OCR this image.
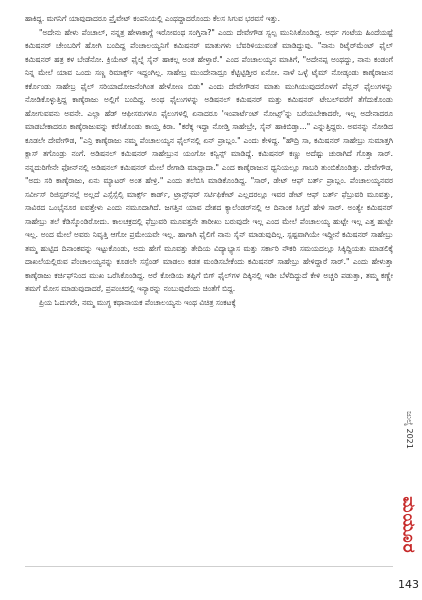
ಹಾಕಿದ್ದ. ಮಗನಿಗೆ ಯಾವುದಾದರೂ ಪ್ರೈವೇಟ್ ಕಂಪನಿಯಲ್ಲಿ ಎಂಥದ್ದಾದರೊಂದು ಕೆಲಸ ಸಿಗುವ ಭರವಸೆ ಇತ್ತು.

"ಅದೇನು ಹೇಳು ಪೆಂಚಾಲ್, ನನ್ನತ್ರ ಹೇಳಾಕಾಗ್ದೆ ಇರೋವಂಥ ಸಂಗ್ತಿನಾ?" ಎಂದು ದೇವೇಗೌಡ ಸ್ವಲ್ಪ ಮುನಿಸಿಕೊಂಡಿದ್ದ. ಅರ್ಧ ಗಂಟೆಯ ಹಿಂದೆಯಷ್ಟೆ ಕಮಿಷನರ್ ಚೇಂಬರಿಗೆ ಹೋಗಿ ಬಂದಿದ್ದ ಪೆಂಚಾಲಯ್ಯನಿಗೆ ಕಮಿಷನರ್ ಮಾತುಗಳು ಬೆವರಿಳಿಯುವಂತೆ ಮಾಡಿದ್ದುವು. "ನಾನು ರಿಟೈರ್‌ಮೆಂಟ್ ಫೈಲ್ ಕಮಿಷನರ್ ಹತ್ರ ಕಳ ಬೇಡೆನೋ. ಕ್ರಿಯೇಟ್ ಫೈಲ್ನೆ ಸೈನ್ ಹಾಕಲ್ಲ ಅಂತ ಹೇಳ್ತಾರೆ." ಎಂದ ಪೆಂಚಾಲಯ್ಯನ ಮಾತಿಗೆ, "ಅದೇನಪ್ಪ ಅಂಥದ್ದು, ನಾನು ಕಂಡಂಗೆ ನಿನ್ನ ಮೇಲೆ ಯಾವ ಒಂದು ಸಣ್ಣ ರಿಮಾರ್ಕ್ಸ್ ಇದ್ದಂಗಿಲ್ಲ. ಸಾಹೇಬ್ರ ಮುಂದೇನಾದ್ರೂ ಕೆಟ್ಟಿಟ್ಟಿಡ್ತೀರ ಏನೋ. ನಾಳೆ ಒಳ್ಳೆ ಟೈಮ್ ನೋಡ್ಕಂಡು ಕಾಣ್ಕೆರಾಜುನ ಕರ್ಕೊಂಡು ಸಾಹೇಬ್ರ ಫೈಲ್ ಸರಿಯಾದೋಜನೆಂಗಿಂತ ಹೇಳೋಣ ಬಿಡು" ಎಂದು ದೇವೇಗೌಡನ ಮಾತು ಮುಗಿಯುವುದರೊಳಗೆ ಪೆನ್ಷನ್ ಫೈಲುಗಳನ್ನು ನೋಡಿಕೊಳ್ಳುತ್ತಿದ್ದ ಕಾಣ್ಕೆರಾಜು ಅಲ್ಲಿಗೆ ಬಂದಿದ್ದ. ಅಂಥ ಫೈಲುಗಳನ್ನು ಅಡಿಷನಲ್ ಕಮಿಷನರ್ ಮತ್ತು ಕಮಿಷನರ್ ಟೇಬಲ್‌ವರೆಗೆ ತೆಗೆದುಕೊಂಡು ಹೋಗುವವನು ಅವನೇ. ಎಲ್ಲಾ ಹೆಡ್ ಆಫೀಸರುಗಳೂ ಫೈಲುಗಳಲ್ಲಿ ಏನಾದರೂ 'ಇಂಪಾರ್ಟೆಂಟ್ ನೋಟ್ಸ್'ನ್ನು ಬರೆಯಬೇಕಾದರೇ, ಇಲ್ಲ ಅದೇನಾದರೂ ಮಾಡಬೇಕಾದರೂ ಕಾಣ್ಕೆರಾಜುವನ್ನು ಕರೆಸಿಕೊಂಡು ಕಾಯ್ತ ಕಿರಾ. "ಕರೆಕ್ಕ ಇದ್ದಾ ನೋಡ್ತಿ ಸಾಹೇಬ್ರೇ, ಸೈನ್ ಹಾಕಿಬಿಡ್ತಾ..." ಎನ್ನುತ್ತಿದ್ದರು. ಅವನನ್ನು ನೋಡಿದ ಕೂಡಲೇ ದೇವೇಗೌಡ, "ಎನ್ರಿ ಕಾಣ್ಕೆರಾಜು ನಮ್ಮ ಪೆಂಚಾಲಯ್ಯನ ಫೈಲ್‌ನಲ್ಲಿ ಏನ್ ಪ್ರಾಬ್ಲಂ." ಎಂದು ಕೇಳಿದ್ದ. "ಹೌದ್ರಿ ಸಾ, ಕಮಿಷನರ್ ಸಾಹೇಬ್ರು ಸುಮಾತ್ತಗಿ ಕ್ಲಾಸ್ ತಗೊಂಡ್ರು ನಂಗೆ. ಅಡಿಷನಲ್ ಕಮಿಷನರ್ ಸಾಹೇಬ್ರುನ ಯಂಗೋ ಕನ್ವಿನ್ಸ್ ಮಾಡಿದ್ದೆ. ಕಮಿಷನರ್ ಕಣ್ಣು ಅದೆಷ್ಟು ಚುರಾಗಿದೆ ಗೊತ್ತಾ ಸಾರ್. ನನ್ನದುರಿಗೇನೇ ಫೋನ್‌ನಲ್ಲಿ ಅಡಿಷನಲ್ ಕಮಿಷನರ್ ಮೇಲೆ ರೇಗಾಡಿ ಮಾದ್ಲಾದಾ." ಎಂದ ಕಾಣ್ಕೆರಾಜುನ ಧ್ವನಿಯಲ್ಲೂ ಗಾಬರಿ ತುಂಬಿಕೊಂಡಿತ್ತು. ದೇವೇಗೌಡ, "ಅದು ಸರಿ ಕಾಣ್ಕೆರಾಜು, ಏನು ಮ್ಯಾಟರ್ ಅಂತ ಹೇಳ್ರಿ." ಎಂದು ತಲೆಬಿಸಿ ಮಾಡಿಕೊಂಡಿದ್ದ. "ಸಾರ್, ಡೇಟ್ ಆಫ್ ಬರ್ತ್ ಪ್ರಾಬ್ಲಂ. ಪೆಂಚಾಲಯ್ಯನವರ ಸರ್ವೀಸ್ ರಿಜಿಸ್ಟರ್‌ನಲ್ಲೆ ಅಲ್ಲದೆ ಎಸ್ಸೆಸ್ಸೆಲ್ಸಿ ಮಾರ್ಕ್ಸ್ ಕಾರ್ಡ್, ಟ್ರಾನ್ಸ್‌ಫರ್ ಸರ್ಟಿಫಿಕೇಟ್ ಎಲ್ಲದರಲ್ಲೂ ಇವರ ಡೇಟ್ ಆಫ್ ಬರ್ತ್ ಫೆಬ್ರುವರಿ ಮೂವತ್ತು, ಸಾವಿರದ ಒಂಭೈನೂರ ಐವತ್ತೇಳು ಎಂದು ನಮೂದಾಗಿದೆ. ಜಗತ್ತಿನ ಯಾವ ದೇಶದ ಕ್ಯಾಲೆಂಡರ್‌ನಲ್ಲಿ ಆ ದಿನಾಂಕ ಸಿಗ್ತದೆ ಹೇಳಿ ಸಾರ್. ಅಂತ್ಯೇ ಕಮಿಷನರ್ ಸಾಹೇಬ್ರು ತಲೆ ಕೆಡಿಸ್ಕೊಂಡಿರೋದು. ಕಾಲಚಕ್ರದಲ್ಲಿ ಫೆಬ್ರುವರಿ ಮೂವತ್ತನೇ ತಾರೀಖು ಬರುವುದೇ ಇಲ್ಲ ಎಂದ ಮೇಲೆ ಪೆಂಚಾಲಯ್ಯ ಹುಟ್ಟೇ ಇಲ್ಲ ಎತ್ತ ಹುಟ್ಟೇ ಇಲ್ಲ. ಅಂದ ಮೇಲೆ ಅವರು ನಿವೃತ್ತಿ ಆಗೋ ಪ್ರಮೇಯವೇ ಇಲ್ಲ. ಹಾಗಾಗಿ ಫೈಲಿಗೆ ನಾನು ಸೈನ್ ಮಾಡುವುದಿಲ್ಲ. ಸ್ಪಷ್ಟವಾಗಿಯೇ ಇದ್ದೀನೆ ಕಮಿಷನರ್ ಸಾಹೇಬ್ರು ತಮ್ಮ ಹುಟ್ಟಿದ ದಿನಾಂಕವನ್ನು ಇಟ್ಟುಕೊಂಡು, ಅದು ಹೇಗೆ ಮೂವತ್ತು ತೇದಿಯ ವಿದ್ಯಾಭ್ಯಾಸ ಮತ್ತು ಸರ್ಕಾರಿ ನೌಕರಿ ಸಮಯದಲ್ಲೂ ಸಿಕ್ಕಿದ್ದಿಯತು ಮಾಡಲಿಕ್ಕೆ ದಾಖಲೆಯಲ್ಲಿರುವ ಪೆಂಚಾಲಯ್ಯನನ್ನು ಕೂಡಲೇ ಸಸ್ಪೆಂಡ್ ಮಾಡಲು ಕಡತ ಮಂಡಿಸಬೇಕೆಂದು ಕಮಿಷನರ್ ಸಾಹೇಬ್ರು ಹೇಳಿದ್ದಾರೆ ಸಾರ್." ಎಂದು ಹೇಳುತ್ತಾ ಕಾಣ್ಕೆರಾಜು ಕರ್ಚಿಫ್‌ನಿಂದ ಮುಖ ಒರೆಸಿಕೊಂಡಿದ್ದ. ಅರೆ ಕೋಡಿಯ ತಪ್ಪಿಗೆ ಬಿಗ್ ಫೈಲ್‌ಗಳ ದಿಕ್ಕಿನಲ್ಲಿ ಇಡೀ ಬೆಳೆದಿದ್ದುದೆ ಕೇಳಿ ಅಚ್ಚರಿ ಪಡುತ್ತಾ, ತಮ್ಮ ಕಣ್ಣೇ ತಮಗೆ ಮೋಸ ಮಾಡುವುದಾದರೆ, ಪ್ರಪಂಚದಲ್ಲಿ ಇನ್ಯಾರನ್ನು ನಂಬುವುದೆಂದು ಚಿಂತೆಗೆ ಬಿದ್ದ.

ಪ್ರಿಯ ಓದುಗರೇ, ನಮ್ಮ ಮುಗ್ಧ ಕಥಾನಾಯಕ ಪೆಂಚಾಲಯ್ಯನು ಇಂಥ ವಿಚಿತ್ರ ಸಂಕಟಕ್ಕೆ

ಜುಲೈ 2021
ಮಯೂರ
143
